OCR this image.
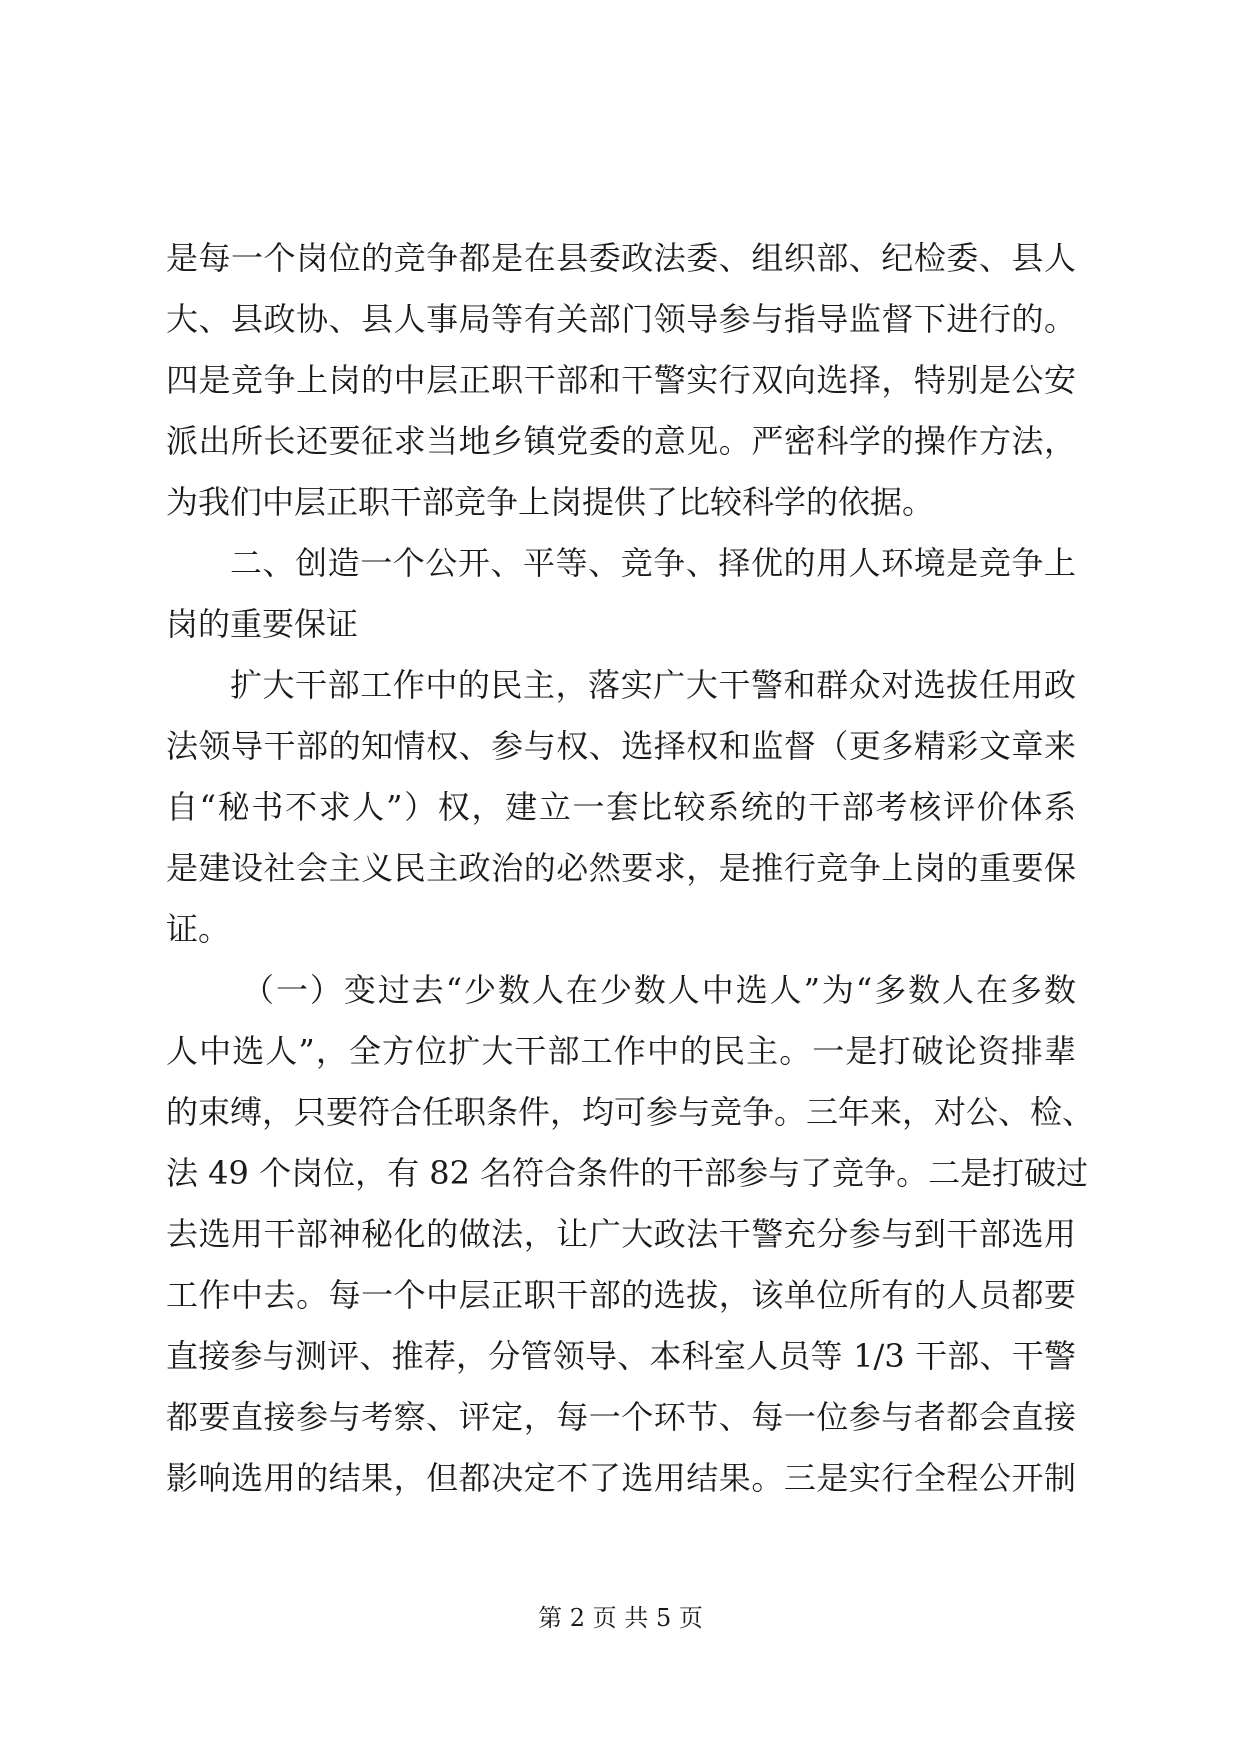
是每一个岗位的竞争都是在县委政法委、组织部、纪检委、县人
大、县政协、县人事局等有关部门领导参与指导监督下进行的。
四是竞争上岗的中层正职干部和干警实行双向选择，特别是公安
派出所长还要征求当地乡镇党委的意见。严密科学的操作方法，
为我们中层正职干部竞争上岗提供了比较科学的依据。
二、创造一个公开、平等、竞争、择优的用人环境是竞争上
岗的重要保证
扩大干部工作中的民主，落实广大干警和群众对选拔任用政
法领导干部的知情权、参与权、选择权和监督（更多精彩文章来
自“秘书不求人”）权，建立一套比较系统的干部考核评价体系
是建设社会主义民主政治的必然要求，是推行竞争上岗的重要保
证。
（一）变过去“少数人在少数人中选人”为“多数人在多数
人中选人”，全方位扩大干部工作中的民主。一是打破论资排辈
的束缚，只要符合任职条件，均可参与竞争。三年来，对公、检、
法 49 个岗位，有 82 名符合条件的干部参与了竞争。二是打破过
去选用干部神秘化的做法，让广大政法干警充分参与到干部选用
工作中去。每一个中层正职干部的选拔，该单位所有的人员都要
直接参与测评、推荐，分管领导、本科室人员等 1/3 干部、干警
都要直接参与考察、评定，每一个环节、每一位参与者都会直接
影响选用的结果，但都决定不了选用结果。三是实行全程公开制
第 2 页 共 5 页
